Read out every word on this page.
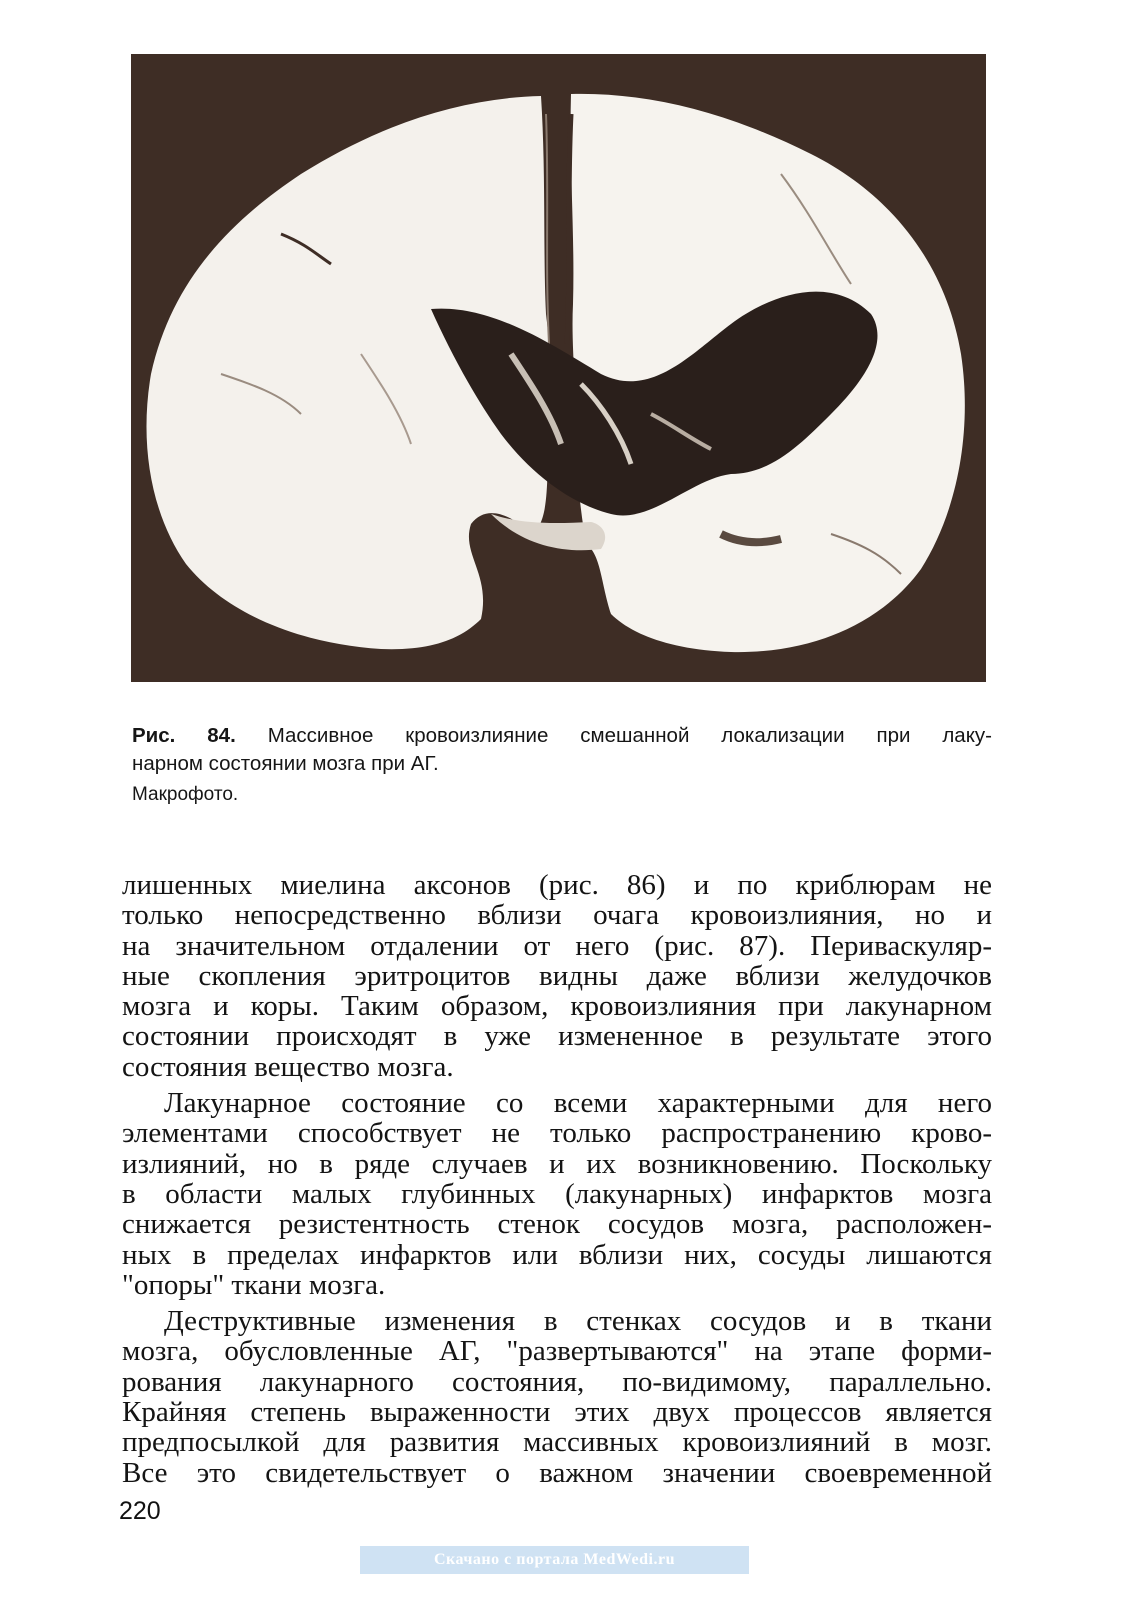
Рис. 84. Массивное кровоизлияние смешанной локализации при лаку-
нарном состоянии мозга при АГ.
Макрофото.
лишенных миелина аксонов (рис. 86) и по криблюрам не
только непосредственно вблизи очага кровоизлияния, но и
на значительном отдалении от него (рис. 87). Периваскуляр-
ные скопления эритроцитов видны даже вблизи желудочков
мозга и коры. Таким образом, кровоизлияния при лакунарном
состоянии происходят в уже измененное в результате этого
состояния вещество мозга.
Лакунарное состояние со всеми характерными для него
элементами способствует не только распространению крово-
излияний, но в ряде случаев и их возникновению. Поскольку
в области малых глубинных (лакунарных) инфарктов мозга
снижается резистентность стенок сосудов мозга, расположен-
ных в пределах инфарктов или вблизи них, сосуды лишаются
"опоры" ткани мозга.
Деструктивные изменения в стенках сосудов и в ткани
мозга, обусловленные АГ, "развертываются" на этапе форми-
рования лакунарного состояния, по-видимому, параллельно.
Крайняя степень выраженности этих двух процессов является
предпосылкой для развития массивных кровоизлияний в мозг.
Все это свидетельствует о важном значении своевременной
220
Скачано с портала MedWedi.ru
